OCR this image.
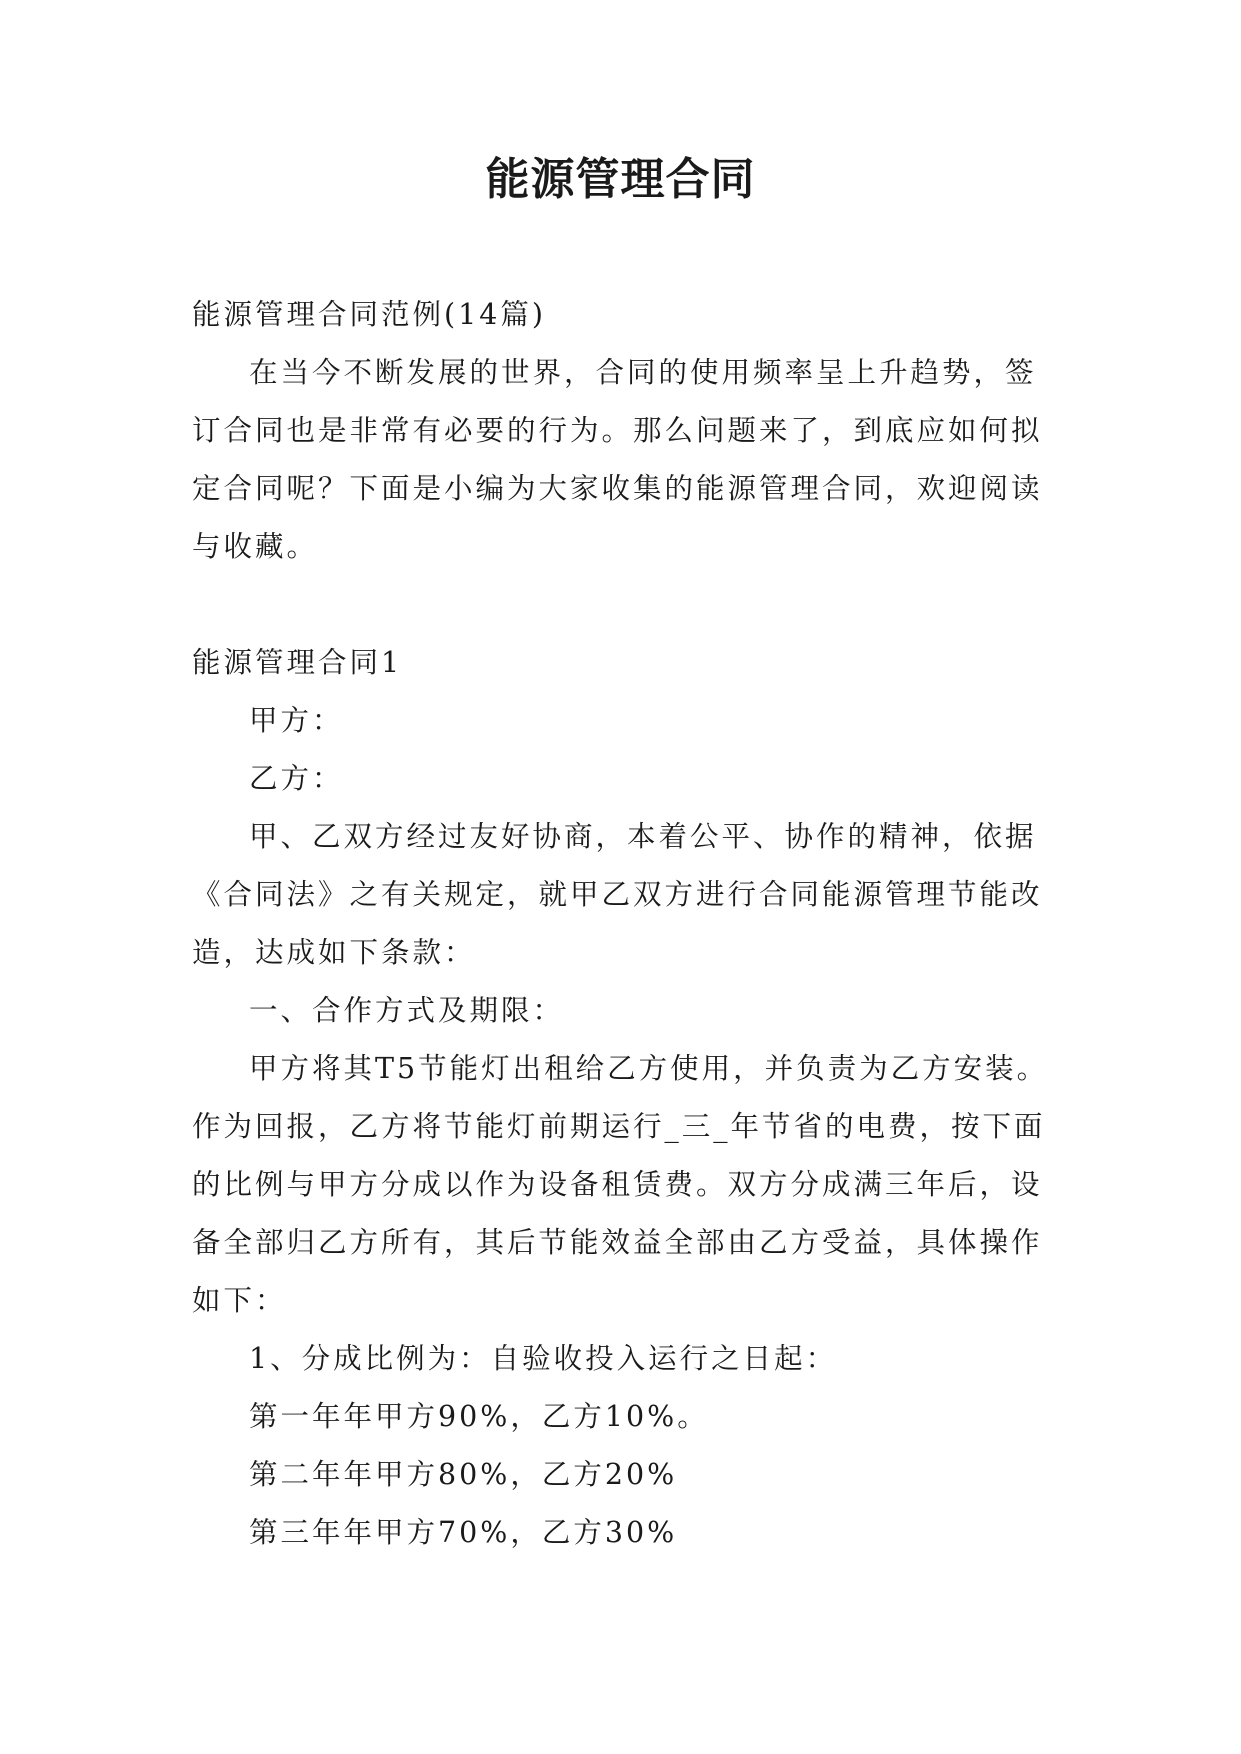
能源管理合同

能源管理合同范例(14篇)

在当今不断发展的世界，合同的使用频率呈上升趋势，签订合同也是非常有必要的行为。那么问题来了，到底应如何拟定合同呢？下面是小编为大家收集的能源管理合同，欢迎阅读与收藏。

能源管理合同1

甲方：

乙方：

甲、乙双方经过友好协商，本着公平、协作的精神，依据《合同法》之有关规定，就甲乙双方进行合同能源管理节能改造，达成如下条款：

一、合作方式及期限：

甲方将其T5节能灯出租给乙方使用，并负责为乙方安装。作为回报，乙方将节能灯前期运行_三_年节省的电费，按下面的比例与甲方分成以作为设备租赁费。双方分成满三年后，设备全部归乙方所有，其后节能效益全部由乙方受益，具体操作如下：

1、分成比例为：自验收投入运行之日起：

第一年年甲方90%，乙方10%。

第二年年甲方80%，乙方20%

第三年年甲方70%，乙方30%
